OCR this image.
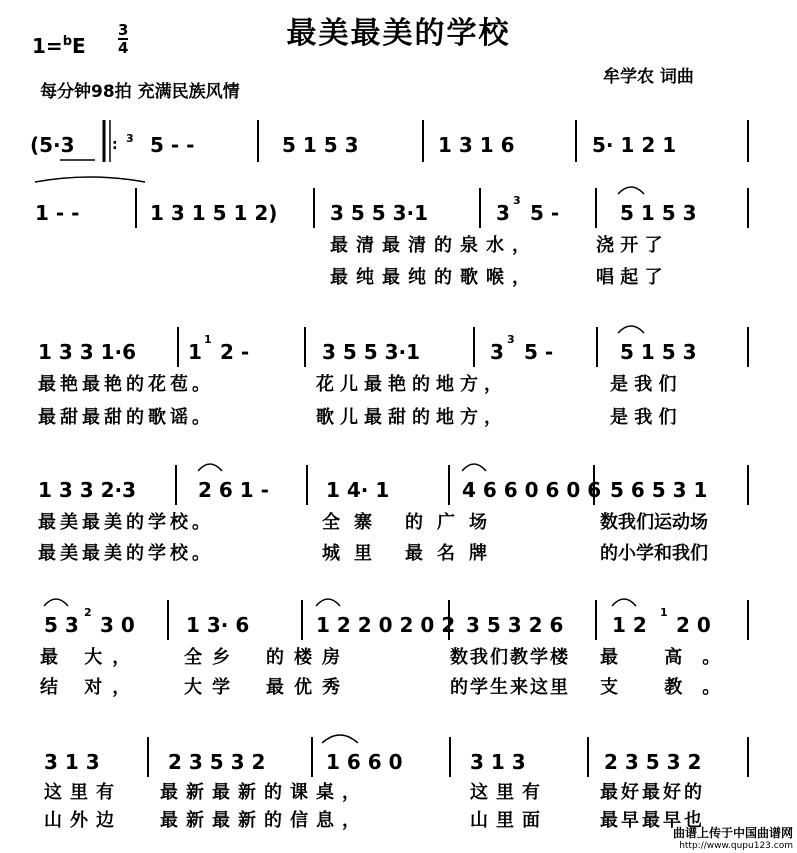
最美最美的学校
1=$^b$E
3
4
每分钟98拍 充满民族风情
牟学农 词曲
(5·3	: 3 5 - -	5 1 5 3	1 3 1 6	5· 1 2 1
1 - -	1 3 1 5 1 2)	3 5 5 3·1	3
3
5 -	5 1 5 3
最清最清的泉水，	浇 开 了
最纯最纯的歌喉，	唱 起 了
1 3 3 1·6	1
1
2 -	3 5 5 3·1	3
3
5 -	5 1 5 3
最艳最艳的花苞。	花儿最艳的地方，	是 我 们
最甜最甜的歌谣。	歌儿最甜的地方，	是 我 们
1 3 3 2·3	2 6 1 -	1 4· 1	4 6 6 0 6 0 6 5 6 5 3 1
最美最美的学校。	全寨 的广场	数我们运动场
最美最美的学校。	城里 最名牌	的小学和我们
5 3
2
3 0	1 3· 6	1 2 2 0 2 0 2 3 5 3 2 6 1 2
1
2 0
最 大， 全乡 的楼房	数我们教学楼 最 高。
结 对， 大学 最优秀	的学生来这里 支 教。
3 1 3	2 3 5 3 2	1 6 6 0	3 1 3	2 3 5 3 2
这里有 最新最新的课桌，	这里有	最好最好的
山外边 最新最新的信息，	山里面	最早最早也
曲谱上传于中国曲谱网
http://www.qupu123.com
